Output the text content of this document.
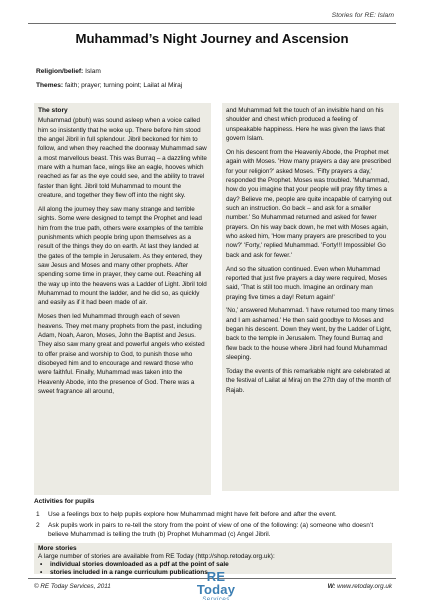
Stories for RE: Islam
Muhammad’s Night Journey and Ascension
Religion/belief: Islam
Themes: faith; prayer; turning point; Lailat al Miraj
The story

Muhammad (pbuh) was sound asleep when a voice called him so insistently that he woke up. There before him stood the angel Jibril in full splendour. Jibril beckoned for him to follow, and when they reached the doorway Muhammad saw a most marvellous beast. This was Burraq – a dazzling white mare with a human face, wings like an eagle, hooves which reached as far as the eye could see, and the ability to travel faster than light. Jibril told Muhammad to mount the creature, and together they flew off into the night sky.

All along the journey they saw many strange and terrible sights. Some were designed to tempt the Prophet and lead him from the true path, others were examples of the terrible punishments which people bring upon themselves as a result of the things they do on earth. At last they landed at the gates of the temple in Jerusalem. As they entered, they saw Jesus and Moses and many other prophets. After spending some time in prayer, they came out. Reaching all the way up into the heavens was a Ladder of Light. Jibril told Muhammad to mount the ladder, and he did so, as quickly and easily as if it had been made of air.

Moses then led Muhammad through each of seven heavens. They met many prophets from the past, including Adam, Noah, Aaron, Moses, John the Baptist and Jesus. They also saw many great and powerful angels who existed to offer praise and worship to God, to punish those who disobeyed him and to encourage and reward those who were faithful. Finally, Muhammad was taken into the Heavenly Abode, into the presence of God. There was a sweet fragrance all around,

and Muhammad felt the touch of an invisible hand on his shoulder and chest which produced a feeling of unspeakable happiness. Here he was given the laws that govern Islam.

On his descent from the Heavenly Abode, the Prophet met again with Moses. 'How many prayers a day are prescribed for your religion?' asked Moses. 'Fifty prayers a day,' responded the Prophet. Moses was troubled. 'Muhammad, how do you imagine that your people will pray fifty times a day? Believe me, people are quite incapable of carrying out such an instruction. Go back – and ask for a smaller number.' So Muhammad returned and asked for fewer prayers. On his way back down, he met with Moses again, who asked him, 'How many prayers are prescribed to you now?' 'Forty,' replied Muhammad. 'Forty!!! Impossible! Go back and ask for fewer.'

And so the situation continued. Even when Muhammad reported that just five prayers a day were required, Moses said, 'That is still too much. Imagine an ordinary man praying five times a day! Return again!'

'No,' answered Muhammad. 'I have returned too many times and I am ashamed.' He then said goodbye to Moses and began his descent. Down they went, by the Ladder of Light, back to the temple in Jerusalem. They found Burraq and flew back to the house where Jibril had found Muhammad sleeping.

Today the events of this remarkable night are celebrated at the festival of Lailat al Miraj on the 27th day of the month of Rajab.

Activities for pupils
1	Use a feelings box to help pupils explore how Muhammad might have felt before and after the event.
2	Ask pupils work in pairs to re-tell the story from the point of view of one of the following: (a) someone who doesn’t believe Muhammad is telling the truth (b) Prophet Muhammad (c) Angel Jibril.
More stories
A large number of stories are available from RE Today (http://shop.retoday.org.uk):
•	individual stories downloaded as a pdf at the point of sale
•	stories included in a range curriculum publications
© RE Today Services, 2011
RE Today
Services
W: www.retoday.org.uk
